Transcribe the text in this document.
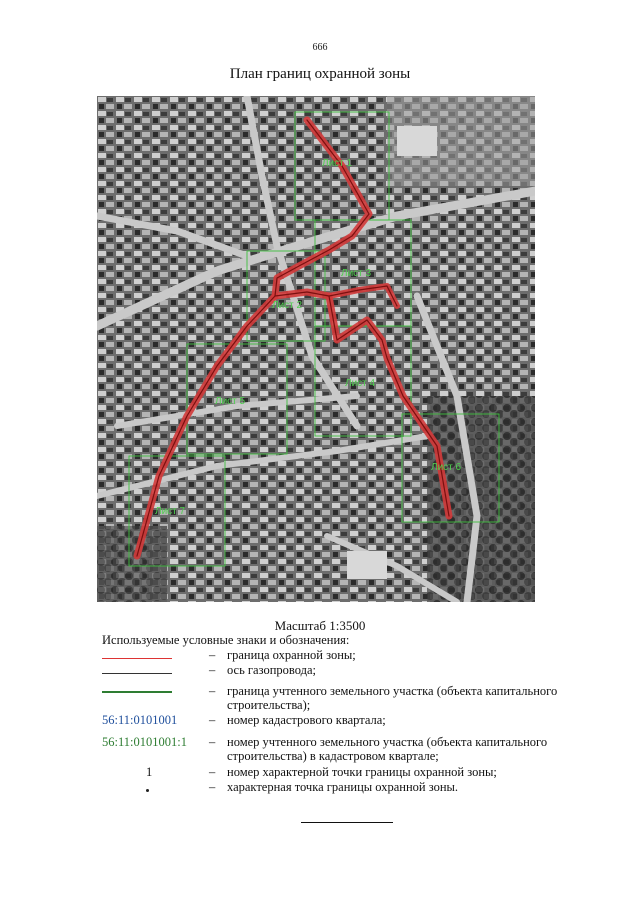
666
План границ охранной зоны
Лист 1
Лист 2
Лист 3
Лист 4
Лист 5
Лист 6
Лист 7
Масштаб 1:3500
Используемые условные знаки и обозначения:
– граница охранной зоны;
– ось газопровода;
– граница учтенного земельного участка (объекта капитального строительства);
56:11:0101001	– номер кадастрового квартала;
56:11:0101001:1	– номер учтенного земельного участка (объекта капитального строительства) в кадастровом квартале;
1	– номер характерной точки границы охранной зоны;
– характерная точка границы охранной зоны.
